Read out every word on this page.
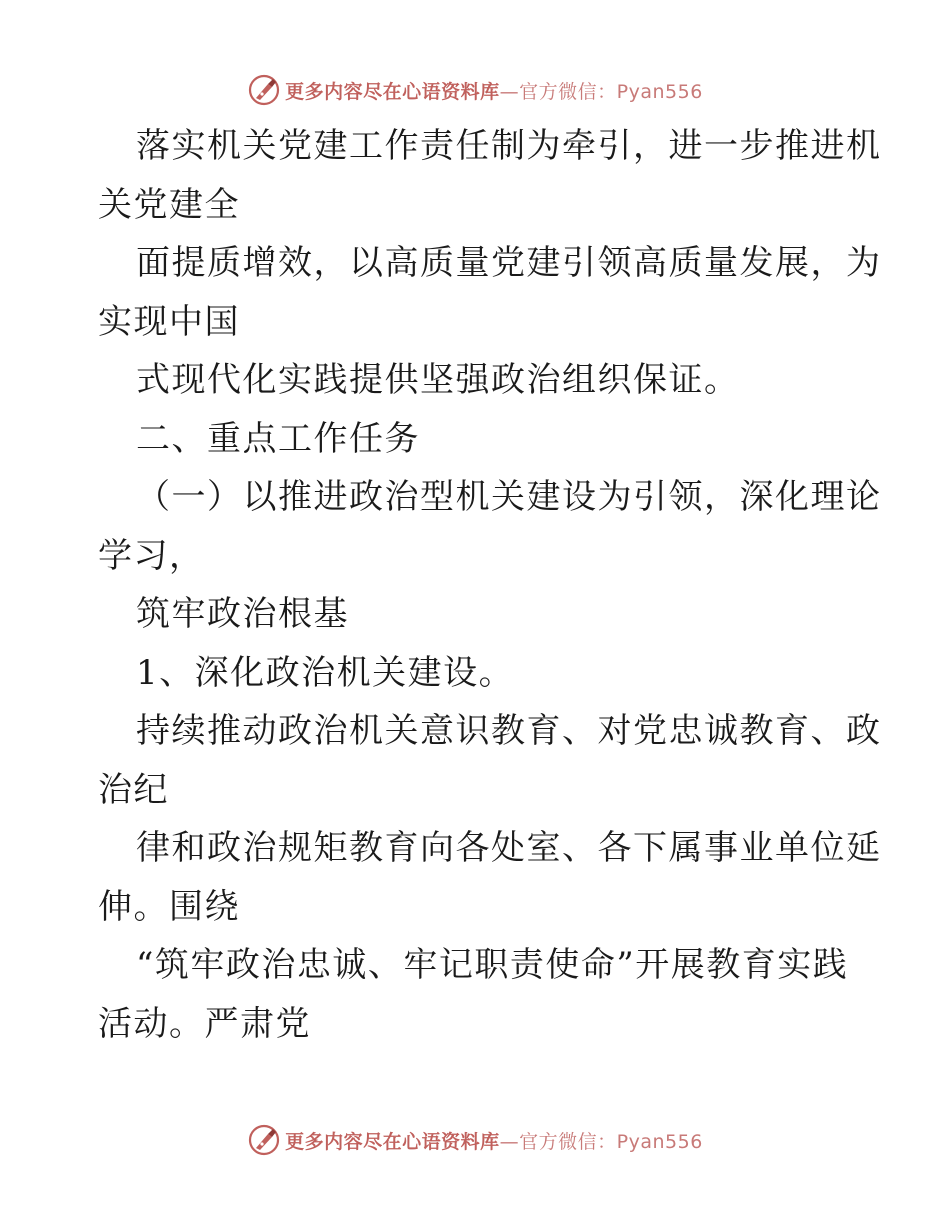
更多内容尽在心语资料库—官方微信：Pyan556
落实机关党建工作责任制为牵引，进一步推进机
关党建全
面提质增效，以高质量党建引领高质量发展，为
实现中国
式现代化实践提供坚强政治组织保证。
二、重点工作任务
（一）以推进政治型机关建设为引领，深化理论
学习，
筑牢政治根基
1、深化政治机关建设。
持续推动政治机关意识教育、对党忠诚教育、政
治纪
律和政治规矩教育向各处室、各下属事业单位延
伸。围绕
“筑牢政治忠诚、牢记职责使命”开展教育实践
活动。严肃党
更多内容尽在心语资料库—官方微信：Pyan556
